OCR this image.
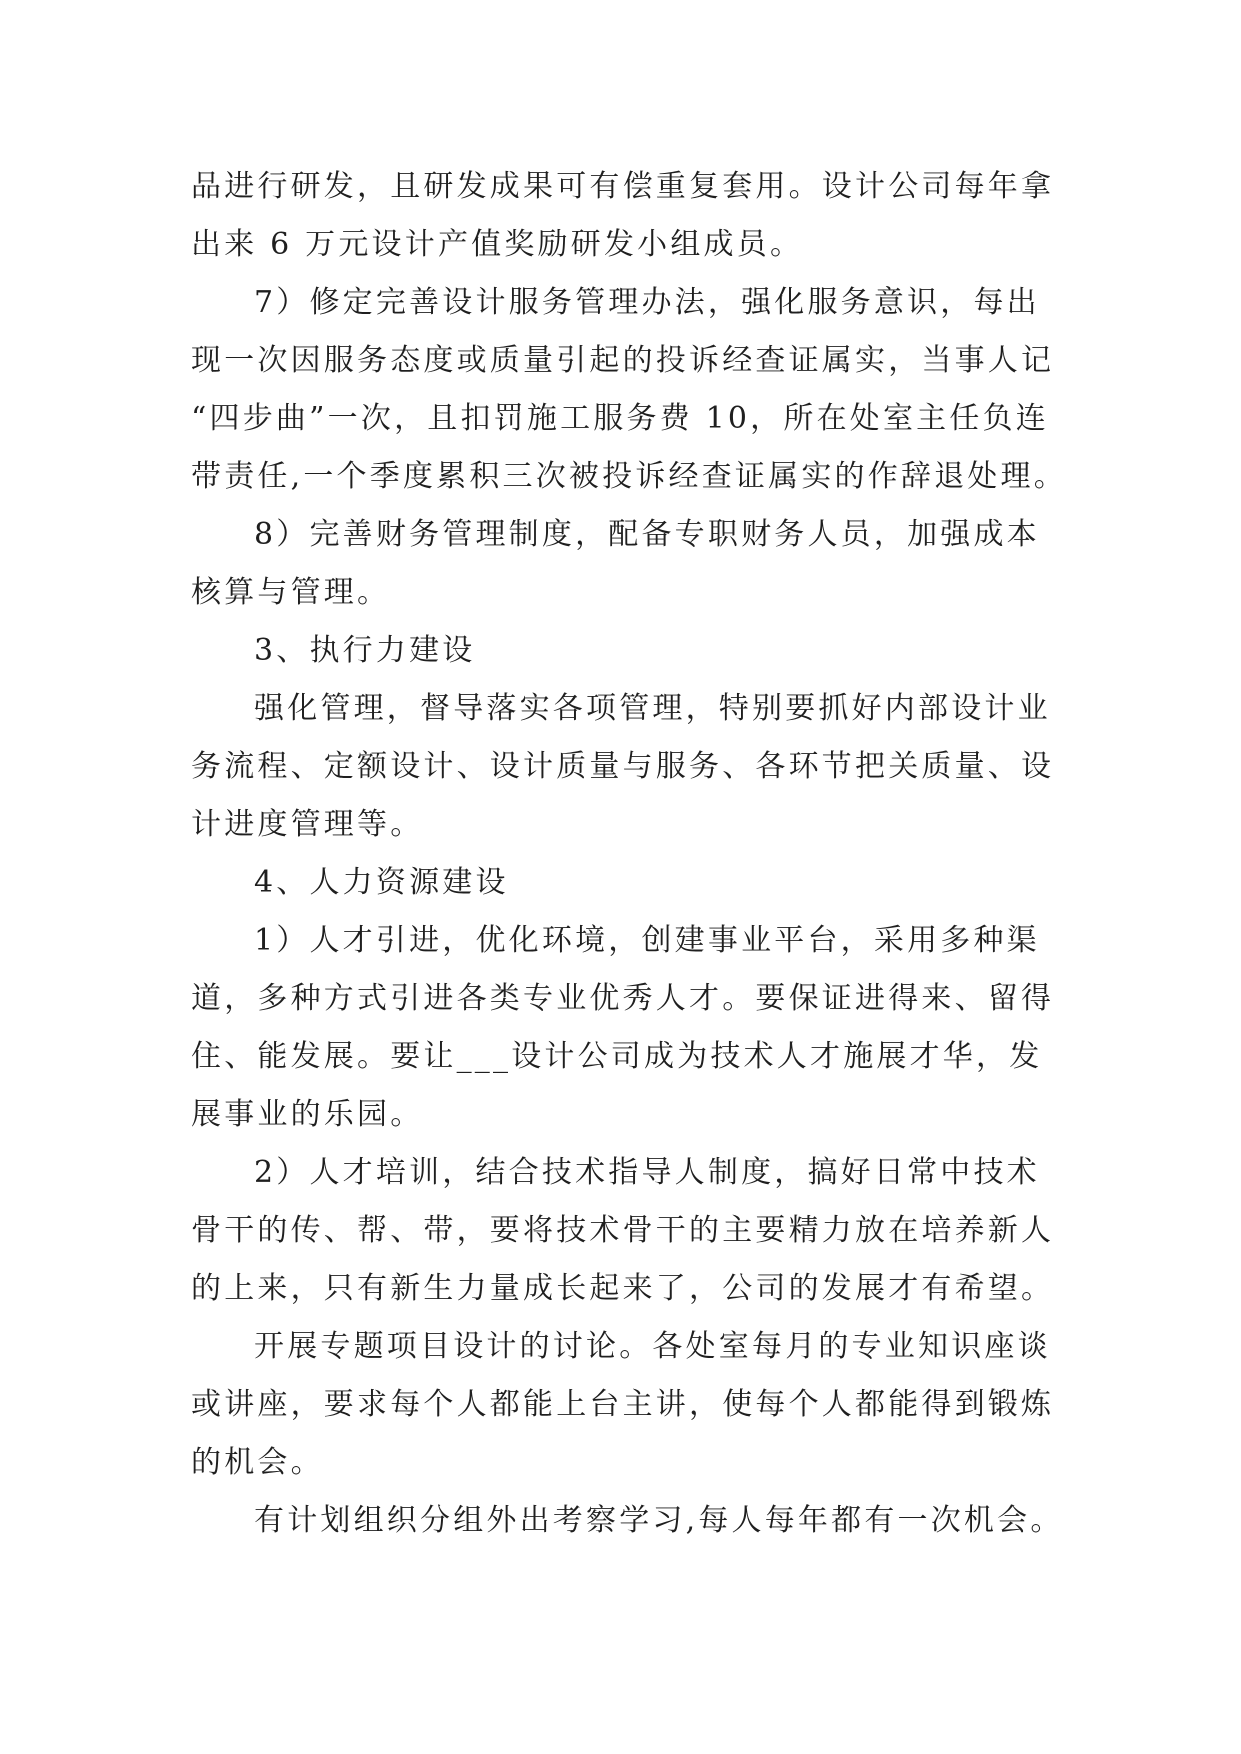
品进行研发，且研发成果可有偿重复套用。设计公司每年拿
出来 6 万元设计产值奖励研发小组成员。
7）修定完善设计服务管理办法，强化服务意识，每出
现一次因服务态度或质量引起的投诉经查证属实，当事人记
“四步曲”一次，且扣罚施工服务费 10，所在处室主任负连
带责任,一个季度累积三次被投诉经查证属实的作辞退处理。
8）完善财务管理制度，配备专职财务人员，加强成本
核算与管理。
3、执行力建设
强化管理，督导落实各项管理，特别要抓好内部设计业
务流程、定额设计、设计质量与服务、各环节把关质量、设
计进度管理等。
4、人力资源建设
1）人才引进，优化环境，创建事业平台，采用多种渠
道，多种方式引进各类专业优秀人才。要保证进得来、留得
住、能发展。要让___设计公司成为技术人才施展才华，发
展事业的乐园。
2）人才培训，结合技术指导人制度，搞好日常中技术
骨干的传、帮、带，要将技术骨干的主要精力放在培养新人
的上来，只有新生力量成长起来了，公司的发展才有希望。
开展专题项目设计的讨论。各处室每月的专业知识座谈
或讲座，要求每个人都能上台主讲，使每个人都能得到锻炼
的机会。
有计划组织分组外出考察学习,每人每年都有一次机会。
